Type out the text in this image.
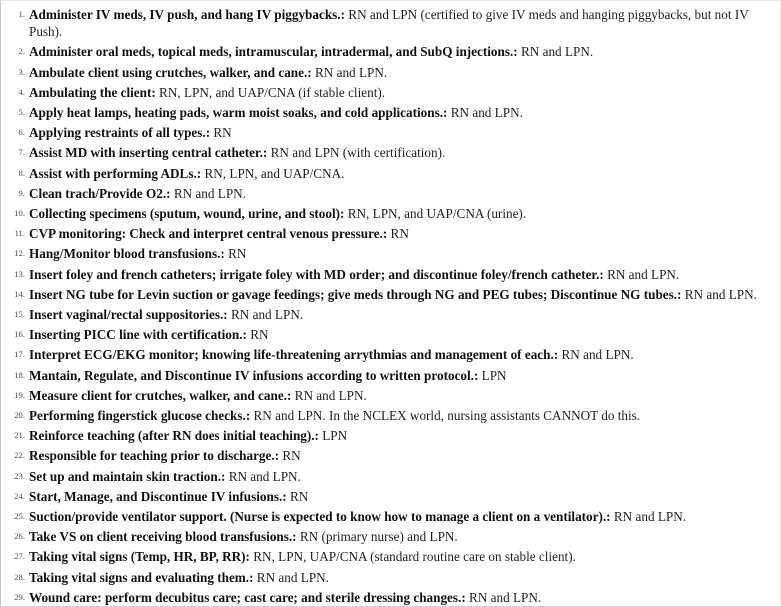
Administer IV meds, IV push, and hang IV piggybacks.: RN and LPN (certified to give IV meds and hanging piggybacks, but not IV Push).
Administer oral meds, topical meds, intramuscular, intradermal, and SubQ injections.: RN and LPN.
Ambulate client using crutches, walker, and cane.: RN and LPN.
Ambulating the client: RN, LPN, and UAP/CNA (if stable client).
Apply heat lamps, heating pads, warm moist soaks, and cold applications.: RN and LPN.
Applying restraints of all types.: RN
Assist MD with inserting central catheter.: RN and LPN (with certification).
Assist with performing ADLs.: RN, LPN, and UAP/CNA.
Clean trach/Provide O2.: RN and LPN.
Collecting specimens (sputum, wound, urine, and stool): RN, LPN, and UAP/CNA (urine).
CVP monitoring: Check and interpret central venous pressure.: RN
Hang/Monitor blood transfusions.: RN
Insert foley and french catheters; irrigate foley with MD order; and discontinue foley/french catheter.: RN and LPN.
Insert NG tube for Levin suction or gavage feedings; give meds through NG and PEG tubes; Discontinue NG tubes.: RN and LPN.
Insert vaginal/rectal suppositories.: RN and LPN.
Inserting PICC line with certification.: RN
Interpret ECG/EKG monitor; knowing life-threatening arrythmias and management of each.: RN and LPN.
Mantain, Regulate, and Discontinue IV infusions according to written protocol.: LPN
Measure client for crutches, walker, and cane.: RN and LPN.
Performing fingerstick glucose checks.: RN and LPN. In the NCLEX world, nursing assistants CANNOT do this.
Reinforce teaching (after RN does initial teaching).: LPN
Responsible for teaching prior to discharge.: RN
Set up and maintain skin traction.: RN and LPN.
Start, Manage, and Discontinue IV infusions.: RN
Suction/provide ventilator support. (Nurse is expected to know how to manage a client on a ventilator).: RN and LPN.
Take VS on client receiving blood transfusions.: RN (primary nurse) and LPN.
Taking vital signs (Temp, HR, BP, RR): RN, LPN, UAP/CNA (standard routine care on stable client).
Taking vital signs and evaluating them.: RN and LPN.
Wound care: perform decubitus care; cast care; and sterile dressing changes.: RN and LPN.
